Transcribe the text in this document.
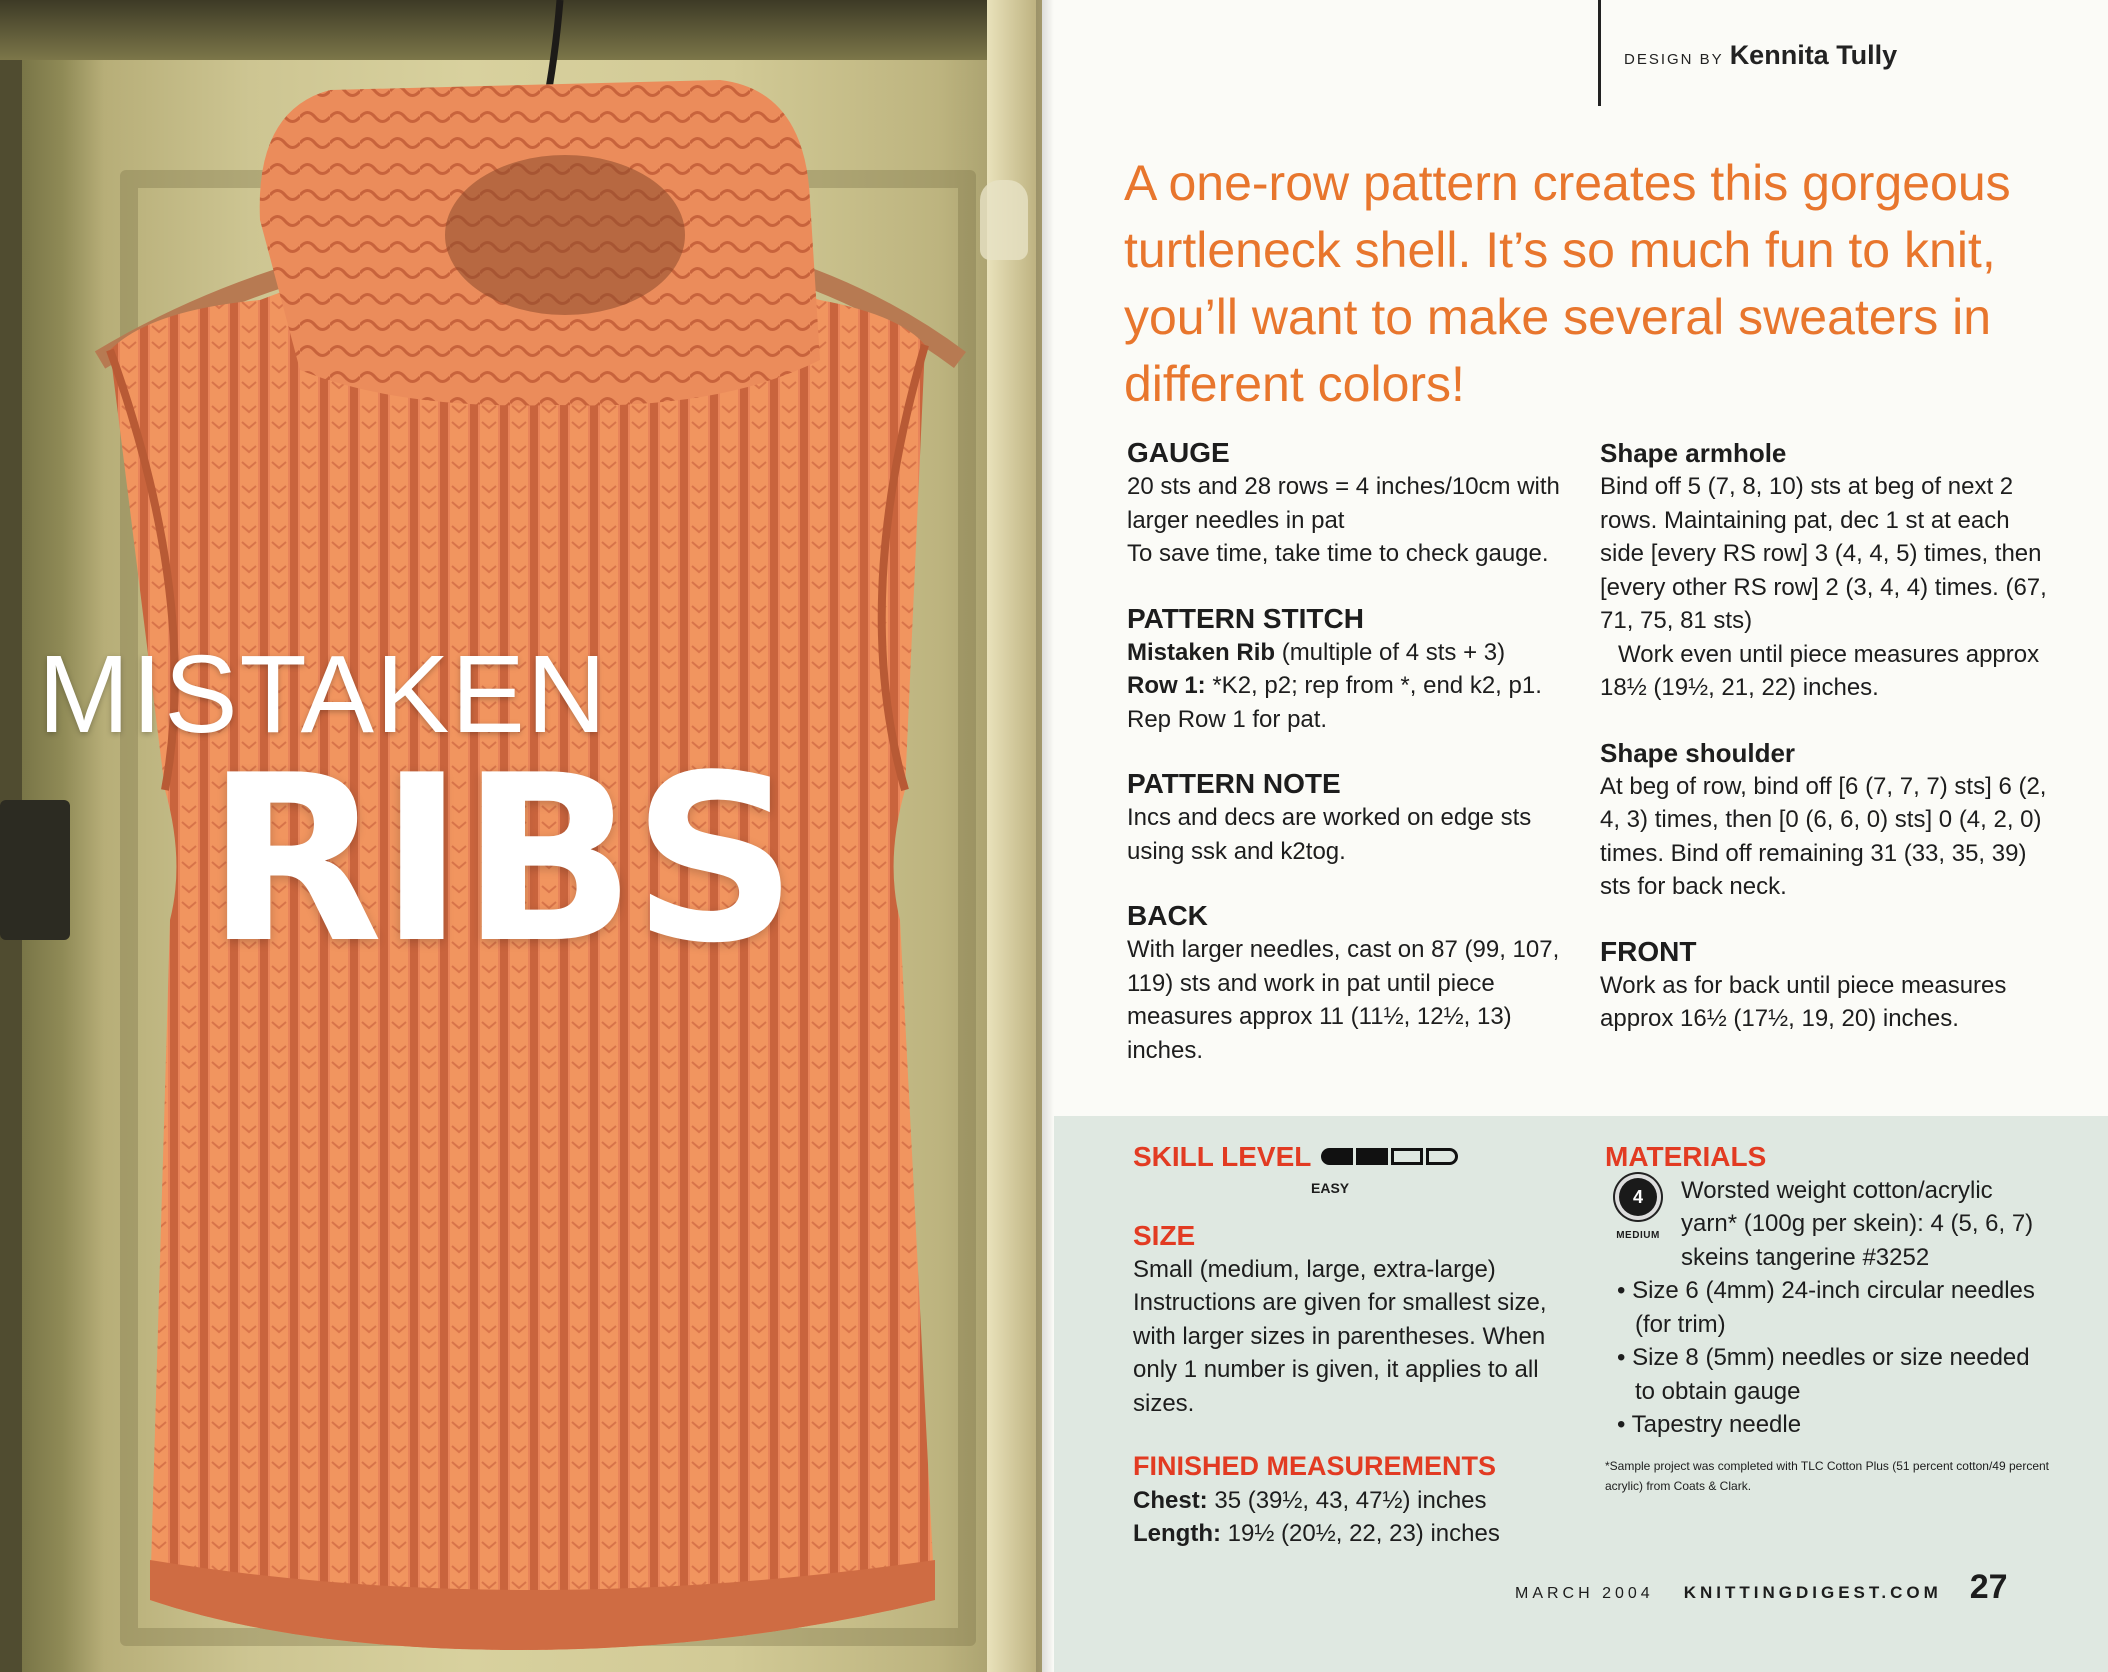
MISTAKEN
RIBS
DESIGN BY Kennita Tully
A one-row pattern creates this gorgeous turtleneck shell. It’s so much fun to knit, you’ll want to make several sweaters in different colors!
GAUGE

20 sts and 28 rows = 4 inches/10cm with larger needles in pat

To save time, take time to check gauge.

PATTERN STITCH

Mistaken Rib (multiple of 4 sts + 3)

Row 1: *K2, p2; rep from *, end k2, p1.

Rep Row 1 for pat.

PATTERN NOTE

Incs and decs are worked on edge sts using ssk and k2tog.

BACK

With larger needles, cast on 87 (99, 107, 119) sts and work in pat until piece measures approx 11 (11½, 12½, 13) inches.

Shape armhole

Bind off 5 (7, 8, 10) sts at beg of next 2 rows. Maintaining pat, dec 1 st at each side [every RS row] 3 (4, 4, 5) times, then [every other RS row] 2 (3, 4, 4) times. (67, 71, 75, 81 sts)

Work even until piece measures approx 18½ (19½, 21, 22) inches.

Shape shoulder

At beg of row, bind off [6 (7, 7, 7) sts] 6 (2, 4, 3) times, then [0 (6, 6, 0) sts] 0 (4, 2, 0) times. Bind off remaining 31 (33, 35, 39) sts for back neck.

FRONT

Work as for back until piece measures approx 16½ (17½, 19, 20) inches.

SKILL LEVEL
EASY
SIZE

Small (medium, large, extra-large)

Instructions are given for smallest size, with larger sizes in parentheses. When only 1 number is given, it applies to all sizes.

FINISHED MEASUREMENTS

Chest: 35 (39½, 43, 47½) inches

Length: 19½ (20½, 22, 23) inches

MATERIALS
4
MEDIUM

Worsted weight cotton/acrylic yarn* (100g per skein): 4 (5, 6, 7) skeins tangerine #3252

• Size 6 (4mm) 24-inch circular needles (for trim)

• Size 8 (5mm) needles or size needed to obtain gauge

• Tapestry needle

*Sample project was completed with TLC Cotton Plus (51 percent cotton/49 percent acrylic) from Coats & Clark.
MARCH 2004 KNITTINGDIGEST.COM 27
